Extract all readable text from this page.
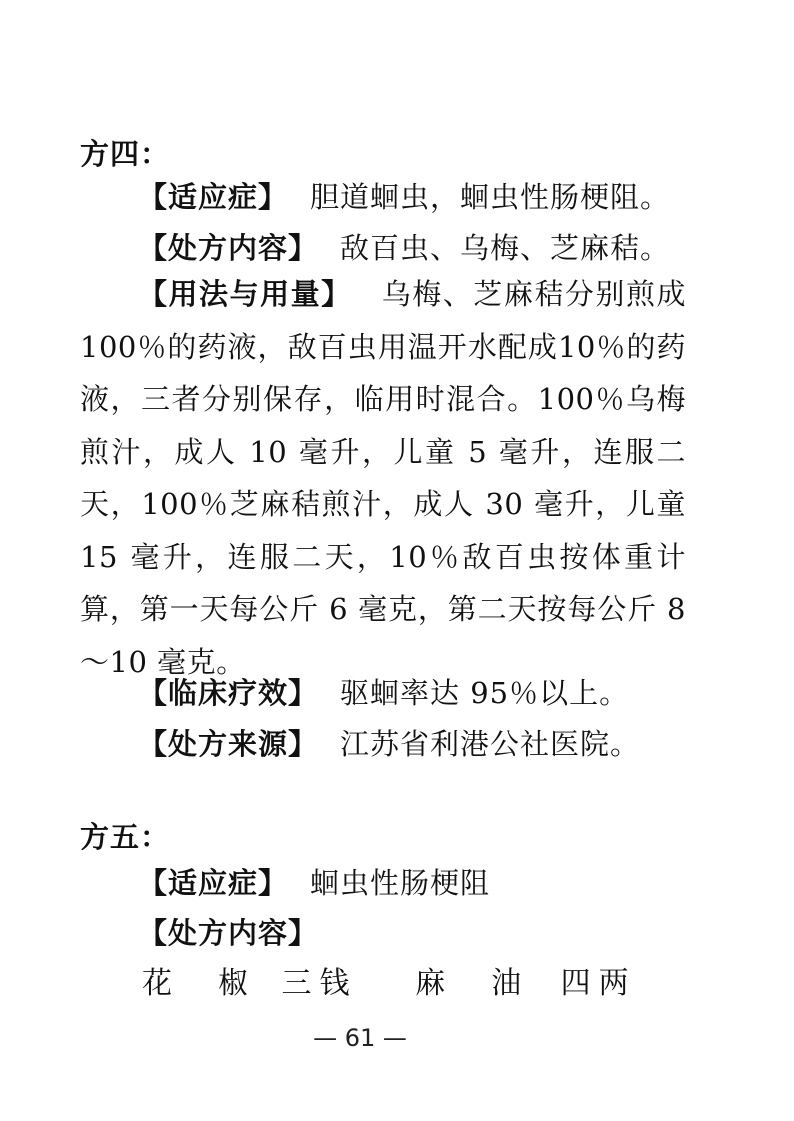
方四：
【适应症】 胆道蛔虫，蛔虫性肠梗阻。
【处方内容】 敌百虫、乌梅、芝麻秸。
【用法与用量】 乌梅、芝麻秸分别煎成100％的药液，敌百虫用温开水配成10％的药液，三者分别保存，临用时混合。100％乌梅煎汁，成人 10 毫升，儿童 5 毫升，连服二天，100％芝麻秸煎汁，成人 30 毫升，儿童 15 毫升，连服二天，10％敌百虫按体重计算，第一天每公斤 6 毫克，第二天按每公斤 8～10 毫克。
【临床疗效】 驱蛔率达 95％以上。
【处方来源】 江苏省利港公社医院。
方五：
【适应症】 蛔虫性肠梗阻
【处方内容】
花　椒 三钱 麻　油 四两
— 61 —
